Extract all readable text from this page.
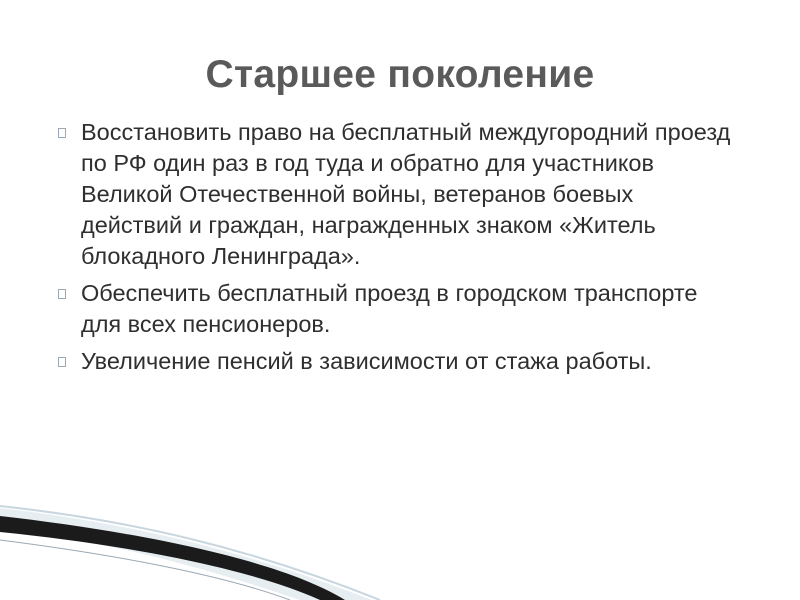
Старшее поколение
Восстановить право на бесплатный междугородний проезд по РФ один раз в год туда и обратно для участников Великой Отечественной войны, ветеранов боевых действий и граждан, награжденных знаком «Житель блокадного Ленинграда».
Обеспечить бесплатный проезд в городском транспорте для всех пенсионеров.
Увеличение пенсий в зависимости от стажа работы.
